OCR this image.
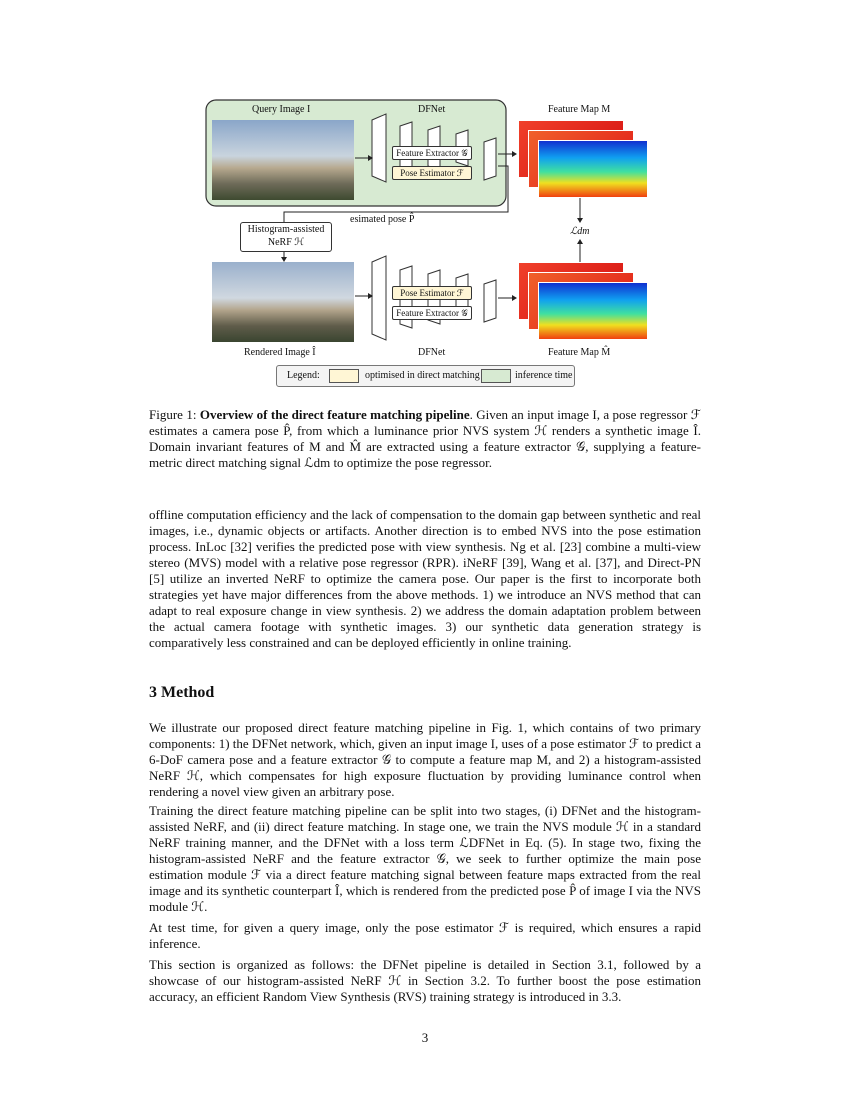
Query Image I	DFNet	Feature Map M
Feature Extractor 𝒢
Pose Estimator ℱ
esimated pose P̂
Histogram-assisted
NeRF ℋ
ℒdm
Pose Estimator ℱ
Feature Extractor 𝒢
Rendered Image Î	DFNet	Feature Map M̂
Legend:	optimised in direct matching	inference time
Figure 1: Overview of the direct feature matching pipeline. Given an input image I, a pose regressor ℱ estimates a camera pose P̂, from which a luminance prior NVS system ℋ renders a synthetic image Î. Domain invariant features of M and M̂ are extracted using a feature extractor 𝒢, supplying a feature-metric direct matching signal ℒdm to optimize the pose regressor.
offline computation efficiency and the lack of compensation to the domain gap between synthetic and real images, i.e., dynamic objects or artifacts. Another direction is to embed NVS into the pose estimation process. InLoc [32] verifies the predicted pose with view synthesis. Ng et al. [23] combine a multi-view stereo (MVS) model with a relative pose regressor (RPR). iNeRF [39], Wang et al. [37], and Direct-PN [5] utilize an inverted NeRF to optimize the camera pose. Our paper is the first to incorporate both strategies yet have major differences from the above methods. 1) we introduce an NVS method that can adapt to real exposure change in view synthesis. 2) we address the domain adaptation problem between the actual camera footage with synthetic images. 3) our synthetic data generation strategy is comparatively less constrained and can be deployed efficiently in online training.
3 Method
We illustrate our proposed direct feature matching pipeline in Fig. 1, which contains of two primary components: 1) the DFNet network, which, given an input image I, uses of a pose estimator ℱ to predict a 6-DoF camera pose and a feature extractor 𝒢 to compute a feature map M, and 2) a histogram-assisted NeRF ℋ, which compensates for high exposure fluctuation by providing luminance control when rendering a novel view given an arbitrary pose.
Training the direct feature matching pipeline can be split into two stages, (i) DFNet and the histogram-assisted NeRF, and (ii) direct feature matching. In stage one, we train the NVS module ℋ in a standard NeRF training manner, and the DFNet with a loss term ℒDFNet in Eq. (5). In stage two, fixing the histogram-assisted NeRF and the feature extractor 𝒢, we seek to further optimize the main pose estimation module ℱ via a direct feature matching signal between feature maps extracted from the real image and its synthetic counterpart Î, which is rendered from the predicted pose P̂ of image I via the NVS module ℋ.
At test time, for given a query image, only the pose estimator ℱ is required, which ensures a rapid inference.
This section is organized as follows: the DFNet pipeline is detailed in Section 3.1, followed by a showcase of our histogram-assisted NeRF ℋ in Section 3.2. To further boost the pose estimation accuracy, an efficient Random View Synthesis (RVS) training strategy is introduced in 3.3.
3
